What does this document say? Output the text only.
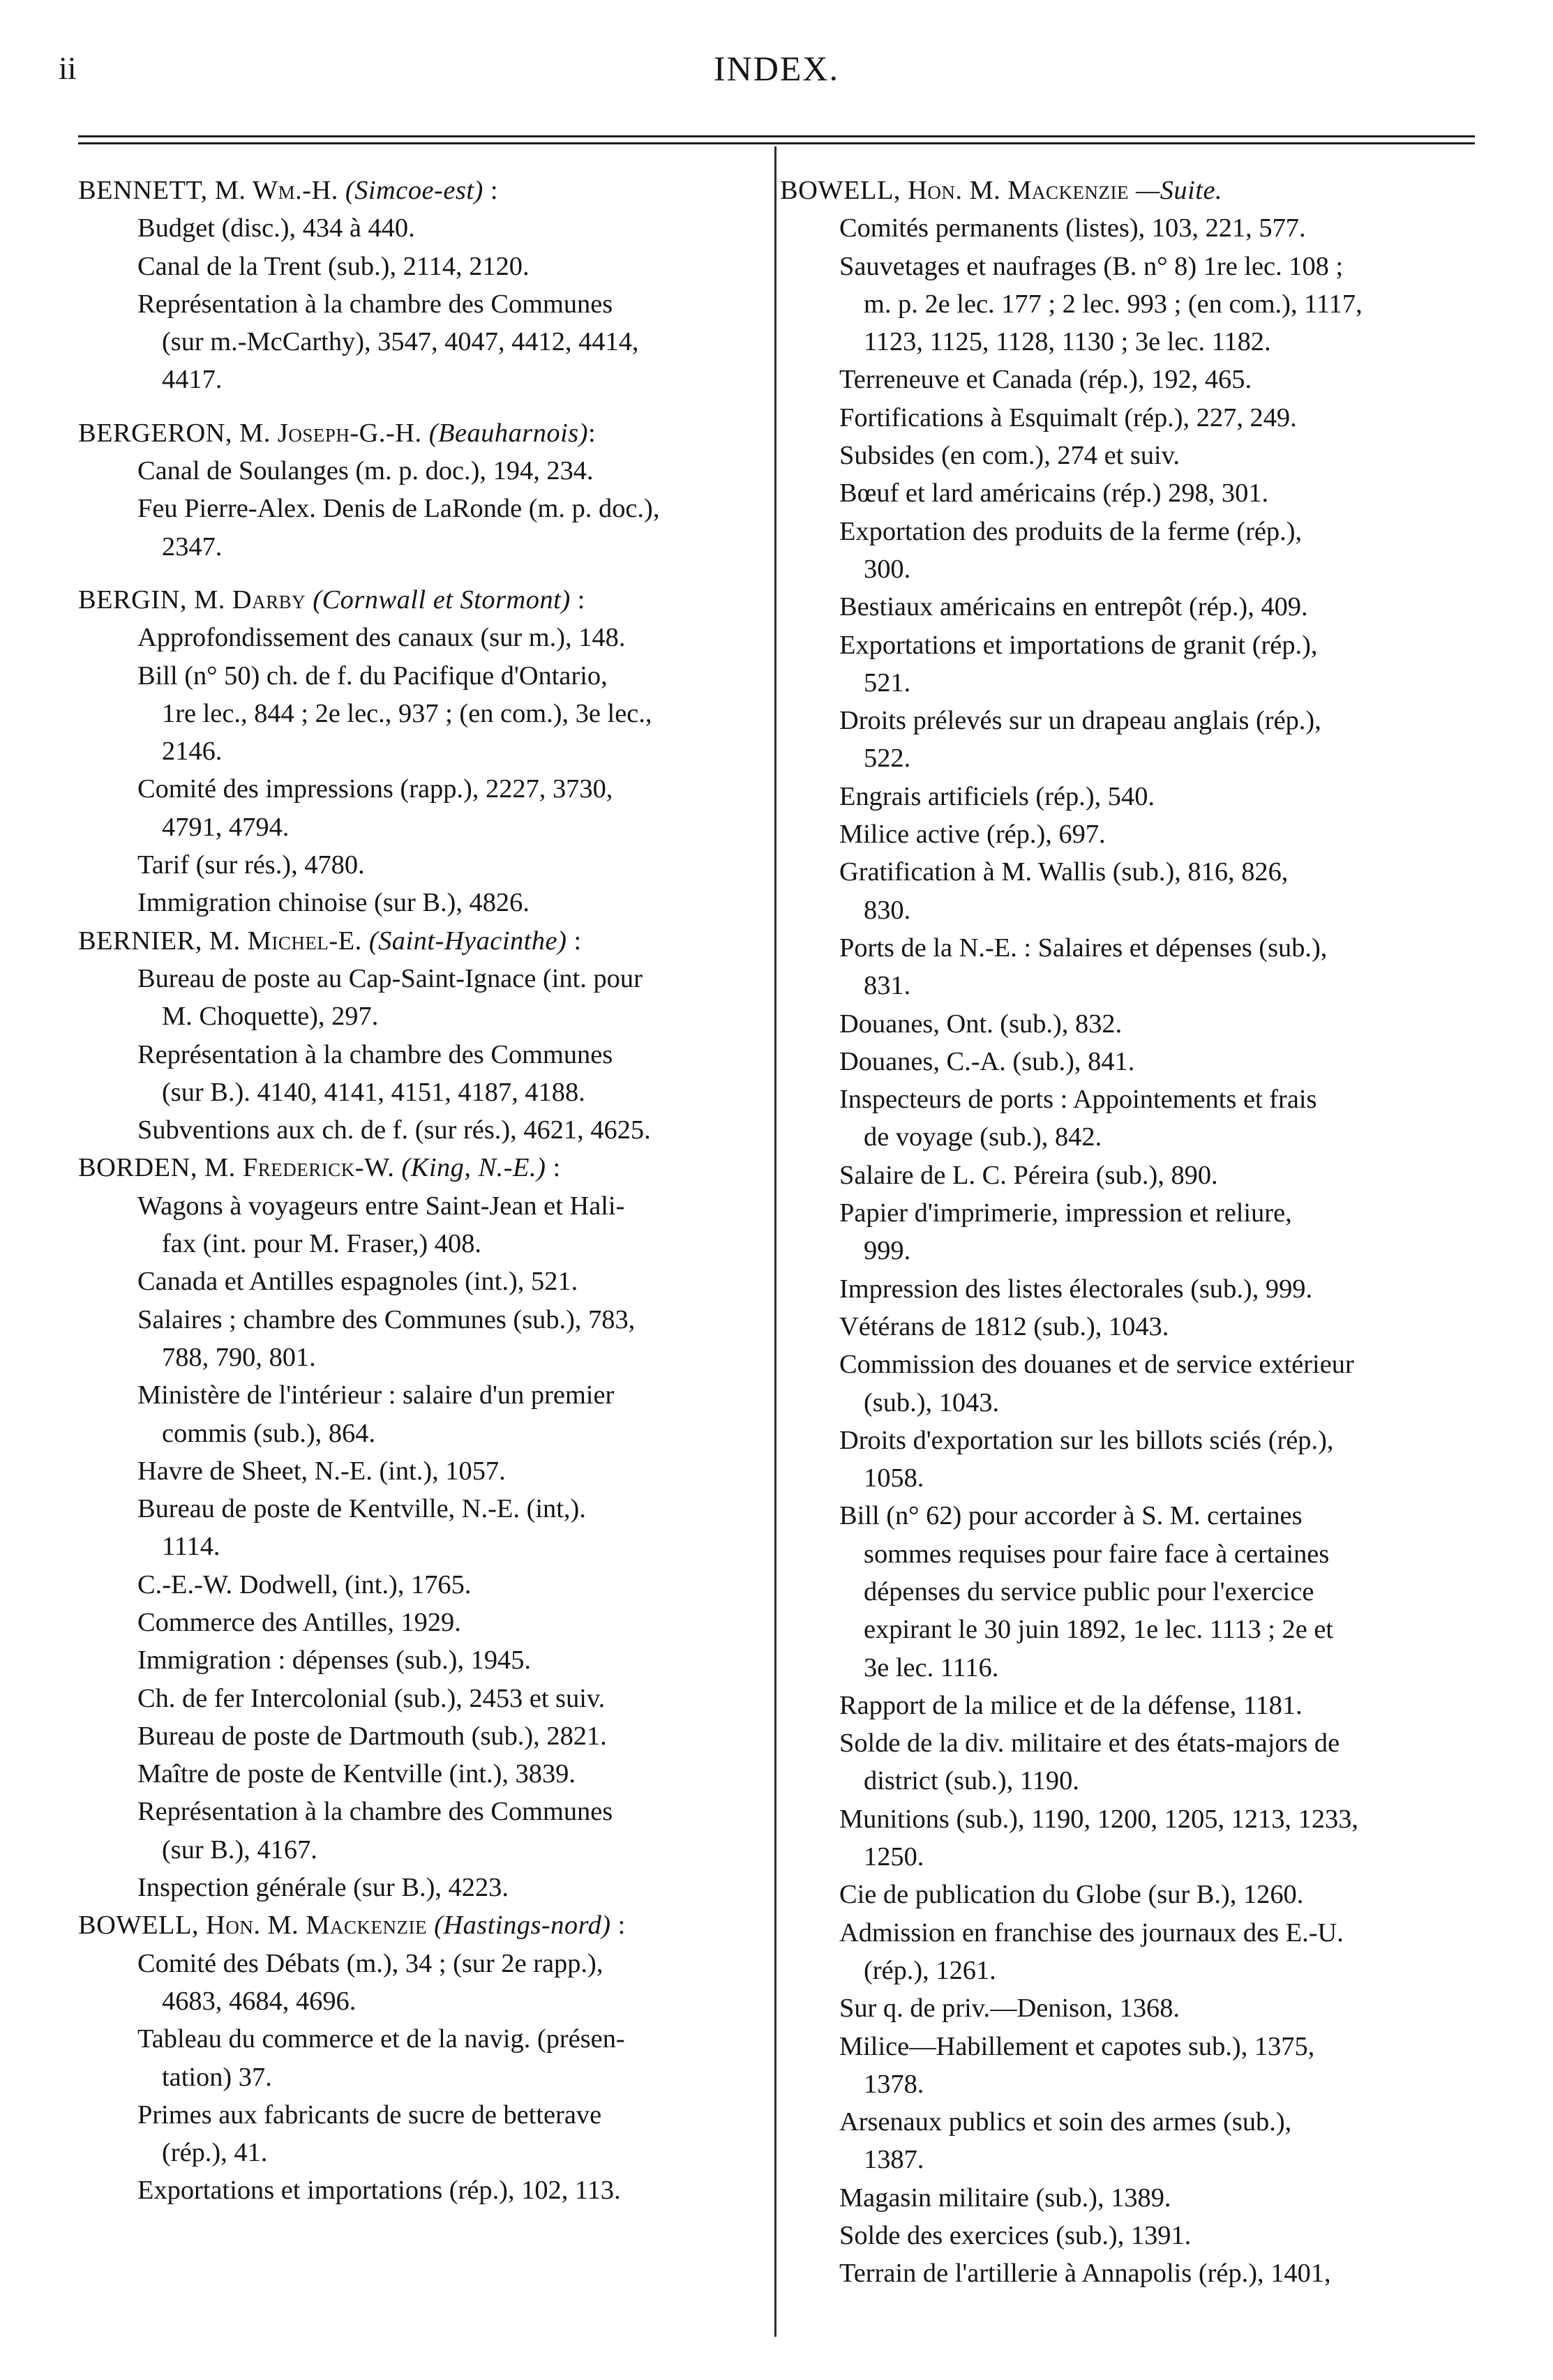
ii	INDEX.
BENNETT, M. Wm.-H. (Simcoe-est) :
Budget (disc.), 434 à 440.
Canal de la Trent (sub.), 2114, 2120.
Représentation à la chambre des Communes
(sur m.-McCarthy), 3547, 4047, 4412, 4414,
4417.
BERGERON, M. Joseph-G.-H. (Beauharnois):
Canal de Soulanges (m. p. doc.), 194, 234.
Feu Pierre-Alex. Denis de LaRonde (m. p. doc.),
2347.
BERGIN, M. Darby (Cornwall et Stormont) :
Approfondissement des canaux (sur m.), 148.
Bill (n° 50) ch. de f. du Pacifique d'Ontario,
1re lec., 844 ; 2e lec., 937 ; (en com.), 3e lec.,
2146.
Comité des impressions (rapp.), 2227, 3730,
4791, 4794.
Tarif (sur rés.), 4780.
Immigration chinoise (sur B.), 4826.
BERNIER, M. Michel-E. (Saint-Hyacinthe) :
Bureau de poste au Cap-Saint-Ignace (int. pour
M. Choquette), 297.
Représentation à la chambre des Communes
(sur B.). 4140, 4141, 4151, 4187, 4188.
Subventions aux ch. de f. (sur rés.), 4621, 4625.
BORDEN, M. Frederick-W. (King, N.-E.) :
Wagons à voyageurs entre Saint-Jean et Hali-
fax (int. pour M. Fraser,) 408.
Canada et Antilles espagnoles (int.), 521.
Salaires ; chambre des Communes (sub.), 783,
788, 790, 801.
Ministère de l'intérieur : salaire d'un premier
commis (sub.), 864.
Havre de Sheet, N.-E. (int.), 1057.
Bureau de poste de Kentville, N.-E. (int,).
1114.
C.-E.-W. Dodwell, (int.), 1765.
Commerce des Antilles, 1929.
Immigration : dépenses (sub.), 1945.
Ch. de fer Intercolonial (sub.), 2453 et suiv.
Bureau de poste de Dartmouth (sub.), 2821.
Maître de poste de Kentville (int.), 3839.
Représentation à la chambre des Communes
(sur B.), 4167.
Inspection générale (sur B.), 4223.
BOWELL, Hon. M. Mackenzie (Hastings-nord) :
Comité des Débats (m.), 34 ; (sur 2e rapp.),
4683, 4684, 4696.
Tableau du commerce et de la navig. (présen-
tation) 37.
Primes aux fabricants de sucre de betterave
(rép.), 41.
Exportations et importations (rép.), 102, 113.
BOWELL, Hon. M. Mackenzie —Suite.
Comités permanents (listes), 103, 221, 577.
Sauvetages et naufrages (B. n° 8) 1re lec. 108 ;
m. p. 2e lec. 177 ; 2 lec. 993 ; (en com.), 1117,
1123, 1125, 1128, 1130 ; 3e lec. 1182.
Terreneuve et Canada (rép.), 192, 465.
Fortifications à Esquimalt (rép.), 227, 249.
Subsides (en com.), 274 et suiv.
Bœuf et lard américains (rép.) 298, 301.
Exportation des produits de la ferme (rép.),
300.
Bestiaux américains en entrepôt (rép.), 409.
Exportations et importations de granit (rép.),
521.
Droits prélevés sur un drapeau anglais (rép.),
522.
Engrais artificiels (rép.), 540.
Milice active (rép.), 697.
Gratification à M. Wallis (sub.), 816, 826,
830.
Ports de la N.-E. : Salaires et dépenses (sub.),
831.
Douanes, Ont. (sub.), 832.
Douanes, C.-A. (sub.), 841.
Inspecteurs de ports : Appointements et frais
de voyage (sub.), 842.
Salaire de L. C. Péreira (sub.), 890.
Papier d'imprimerie, impression et reliure,
999.
Impression des listes électorales (sub.), 999.
Vétérans de 1812 (sub.), 1043.
Commission des douanes et de service extérieur
(sub.), 1043.
Droits d'exportation sur les billots sciés (rép.),
1058.
Bill (n° 62) pour accorder à S. M. certaines
sommes requises pour faire face à certaines
dépenses du service public pour l'exercice
expirant le 30 juin 1892, 1e lec. 1113 ; 2e et
3e lec. 1116.
Rapport de la milice et de la défense, 1181.
Solde de la div. militaire et des états-majors de
district (sub.), 1190.
Munitions (sub.), 1190, 1200, 1205, 1213, 1233,
1250.
Cie de publication du Globe (sur B.), 1260.
Admission en franchise des journaux des E.-U.
(rép.), 1261.
Sur q. de priv.—Denison, 1368.
Milice—Habillement et capotes sub.), 1375,
1378.
Arsenaux publics et soin des armes (sub.),
1387.
Magasin militaire (sub.), 1389.
Solde des exercices (sub.), 1391.
Terrain de l'artillerie à Annapolis (rép.), 1401,
